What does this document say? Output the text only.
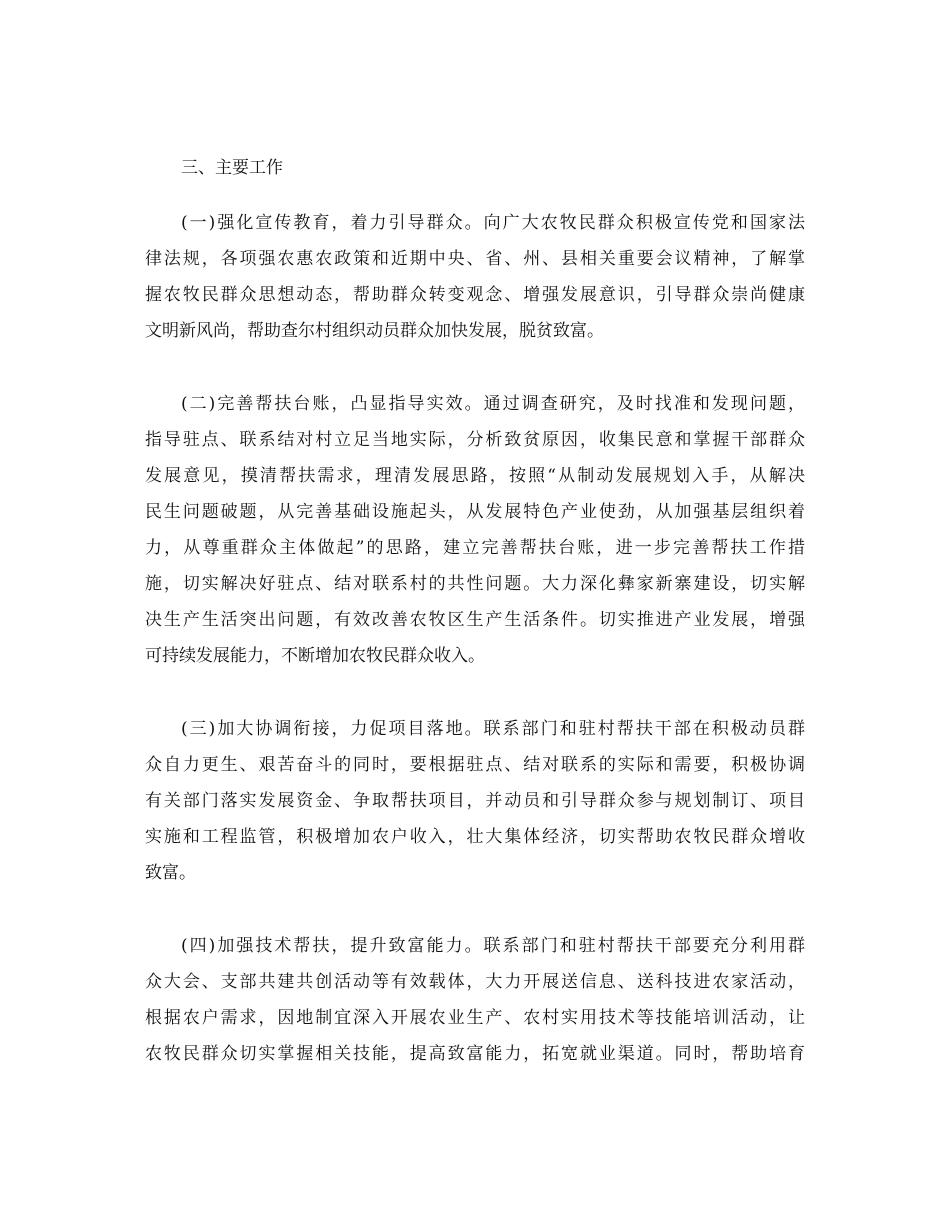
三、主要工作
(一)强化宣传教育，着力引导群众。向广大农牧民群众积极宣传党和国家法
律法规，各项强农惠农政策和近期中央、省、州、县相关重要会议精神，了解掌
握农牧民群众思想动态，帮助群众转变观念、增强发展意识，引导群众崇尚健康
文明新风尚，帮助查尔村组织动员群众加快发展，脱贫致富。
(二)完善帮扶台账，凸显指导实效。通过调查研究，及时找准和发现问题，
指导驻点、联系结对村立足当地实际，分析致贫原因，收集民意和掌握干部群众
发展意见，摸清帮扶需求，理清发展思路，按照“从制动发展规划入手，从解决
民生问题破题，从完善基础设施起头，从发展特色产业使劲，从加强基层组织着
力，从尊重群众主体做起”的思路，建立完善帮扶台账，进一步完善帮扶工作措
施，切实解决好驻点、结对联系村的共性问题。大力深化彝家新寨建设，切实解
决生产生活突出问题，有效改善农牧区生产生活条件。切实推进产业发展，增强
可持续发展能力，不断增加农牧民群众收入。
(三)加大协调衔接，力促项目落地。联系部门和驻村帮扶干部在积极动员群
众自力更生、艰苦奋斗的同时，要根据驻点、结对联系的实际和需要，积极协调
有关部门落实发展资金、争取帮扶项目，并动员和引导群众参与规划制订、项目
实施和工程监管，积极增加农户收入，壮大集体经济，切实帮助农牧民群众增收
致富。
(四)加强技术帮扶，提升致富能力。联系部门和驻村帮扶干部要充分利用群
众大会、支部共建共创活动等有效载体，大力开展送信息、送科技进农家活动，
根据农户需求，因地制宜深入开展农业生产、农村实用技术等技能培训活动，让
农牧民群众切实掌握相关技能，提高致富能力，拓宽就业渠道。同时，帮助培育
